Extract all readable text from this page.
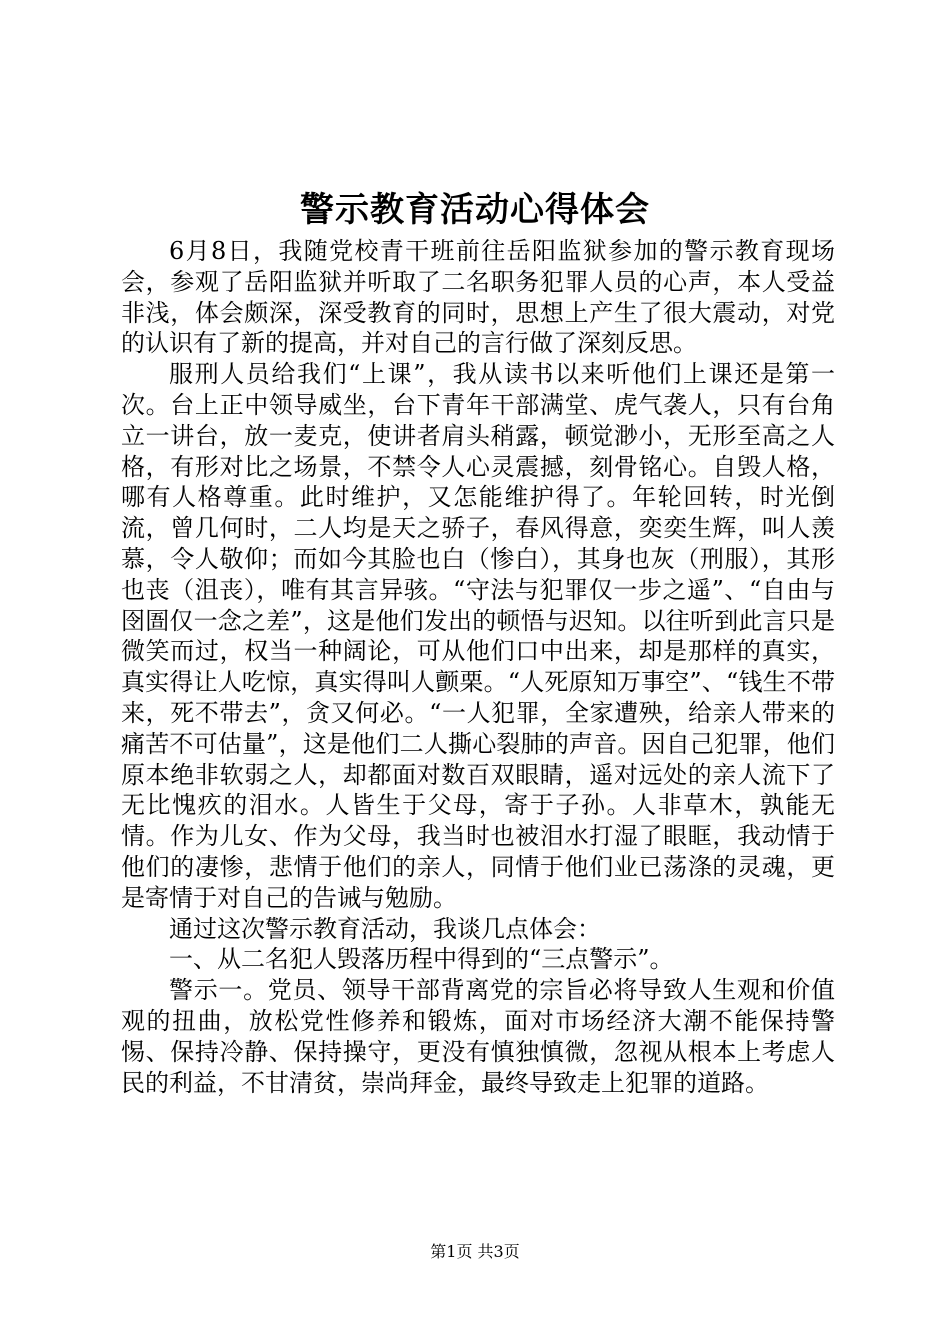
警示教育活动心得体会

6月8日，我随党校青干班前往岳阳监狱参加的警示教育现场会，参观了岳阳监狱并听取了二名职务犯罪人员的心声，本人受益非浅，体会颇深，深受教育的同时，思想上产生了很大震动，对党的认识有了新的提高，并对自己的言行做了深刻反思。

服刑人员给我们“上课”，我从读书以来听他们上课还是第一次。台上正中领导威坐，台下青年干部满堂、虎气袭人，只有台角立一讲台，放一麦克，使讲者肩头稍露，顿觉渺小，无形至高之人格，有形对比之场景，不禁令人心灵震撼，刻骨铭心。自毁人格，哪有人格尊重。此时维护，又怎能维护得了。年轮回转，时光倒流，曾几何时，二人均是天之骄子，春风得意，奕奕生辉，叫人羡慕，令人敬仰；而如今其脸也白（惨白），其身也灰（刑服），其形也丧（沮丧），唯有其言异骇。“守法与犯罪仅一步之遥”、“自由与囹圄仅一念之差”，这是他们发出的顿悟与迟知。以往听到此言只是微笑而过，权当一种阔论，可从他们口中出来，却是那样的真实，真实得让人吃惊，真实得叫人颤栗。“人死原知万事空”、“钱生不带来，死不带去”，贪又何必。“一人犯罪，全家遭殃，给亲人带来的痛苦不可估量”，这是他们二人撕心裂肺的声音。因自己犯罪，他们原本绝非软弱之人，却都面对数百双眼睛，遥对远处的亲人流下了无比愧疚的泪水。人皆生于父母，寄于子孙。人非草木，孰能无情。作为儿女、作为父母，我当时也被泪水打湿了眼眶，我动情于他们的凄惨，悲情于他们的亲人，同情于他们业已荡涤的灵魂，更是寄情于对自己的告诫与勉励。

通过这次警示教育活动，我谈几点体会：

一、从二名犯人毁落历程中得到的“三点警示”。

警示一。党员、领导干部背离党的宗旨必将导致人生观和价值观的扭曲，放松党性修养和锻炼，面对市场经济大潮不能保持警惕、保持冷静、保持操守，更没有慎独慎微，忽视从根本上考虑人民的利益，不甘清贫，崇尚拜金，最终导致走上犯罪的道路。

第1页 共3页
